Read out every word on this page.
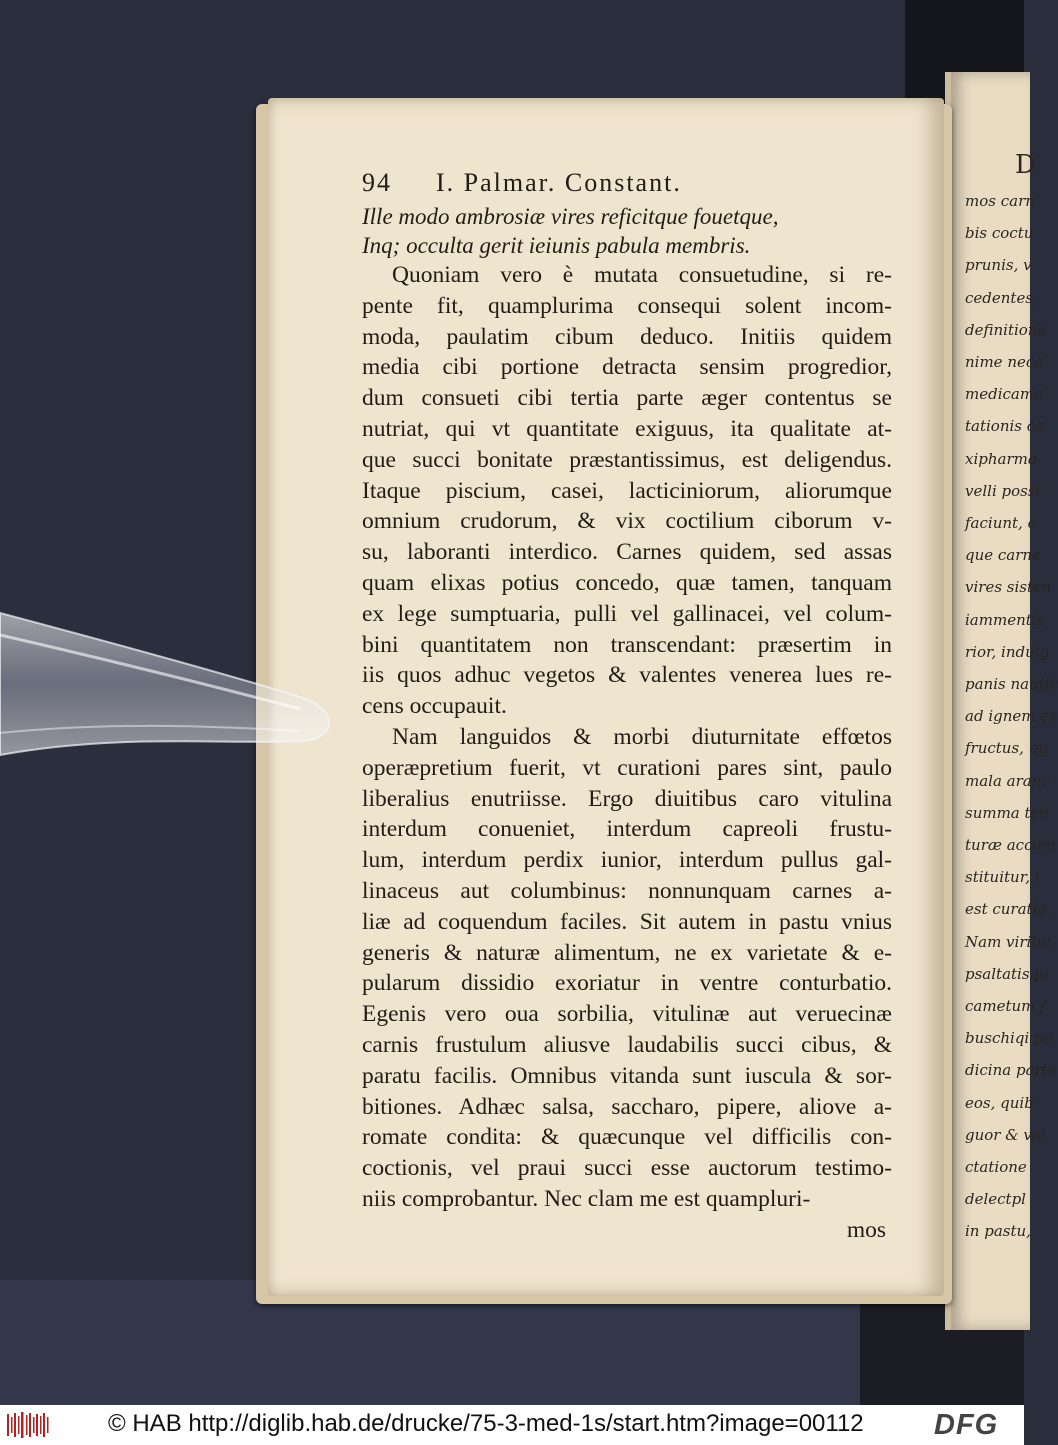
D
mos carn
bis coctu
prunis, v
cedentes,
definitione
nime nece
medicame
tationis co
xipharma
velli possi
faciunt, c
que carne
vires sisten
iammentis
rior, indulg
panis nautic
ad ignem ex
fructus, qu
mala aranc
summa ten
turæ accom
stituitur, i
est curatio.
Nam viribu
psaltatisqu
cametum f
buschiqi po
dicina parte
eos, quib
guor & val
ctatione
delectpl
in pastu,
94 I. Palmar. Constant.
Ille modo ambrosiæ vires reficitque fouetque,
Inq; occulta gerit ieiunis pabula membris.
Quoniam vero è mutata consuetudine, si re-
pente fit, quamplurima consequi solent incom-
moda, paulatim cibum deduco. Initiis quidem
media cibi portione detracta sensim progredior,
dum consueti cibi tertia parte æger contentus se
nutriat, qui vt quantitate exiguus, ita qualitate at-
que succi bonitate præstantissimus, est deligendus.
Itaque piscium, casei, lacticiniorum, aliorumque
omnium crudorum, & vix coctilium ciborum v-
su, laboranti interdico. Carnes quidem, sed assas
quam elixas potius concedo, quæ tamen, tanquam
ex lege sumptuaria, pulli vel gallinacei, vel colum-
bini quantitatem non transcendant: præsertim in
iis quos adhuc vegetos & valentes venerea lues re-
cens occupauit.
Nam languidos & morbi diuturnitate effœtos
operæpretium fuerit, vt curationi pares sint, paulo
liberalius enutriisse. Ergo diuitibus caro vitulina
interdum conueniet, interdum capreoli frustu-
lum, interdum perdix iunior, interdum pullus gal-
linaceus aut columbinus: nonnunquam carnes a-
liæ ad coquendum faciles. Sit autem in pastu vnius
generis & naturæ alimentum, ne ex varietate & e-
pularum dissidio exoriatur in ventre conturbatio.
Egenis vero oua sorbilia, vitulinæ aut veruecinæ
carnis frustulum aliusve laudabilis succi cibus, &
paratu facilis. Omnibus vitanda sunt iuscula & sor-
bitiones. Adhæc salsa, saccharo, pipere, aliove a-
romate condita: & quæcunque vel difficilis con-
coctionis, vel praui succi esse auctorum testimo-
niis comprobantur. Nec clam me est quampluri-
mos
© HAB http://diglib.hab.de/drucke/75-3-med-1s/start.htm?image=00112 DFG
